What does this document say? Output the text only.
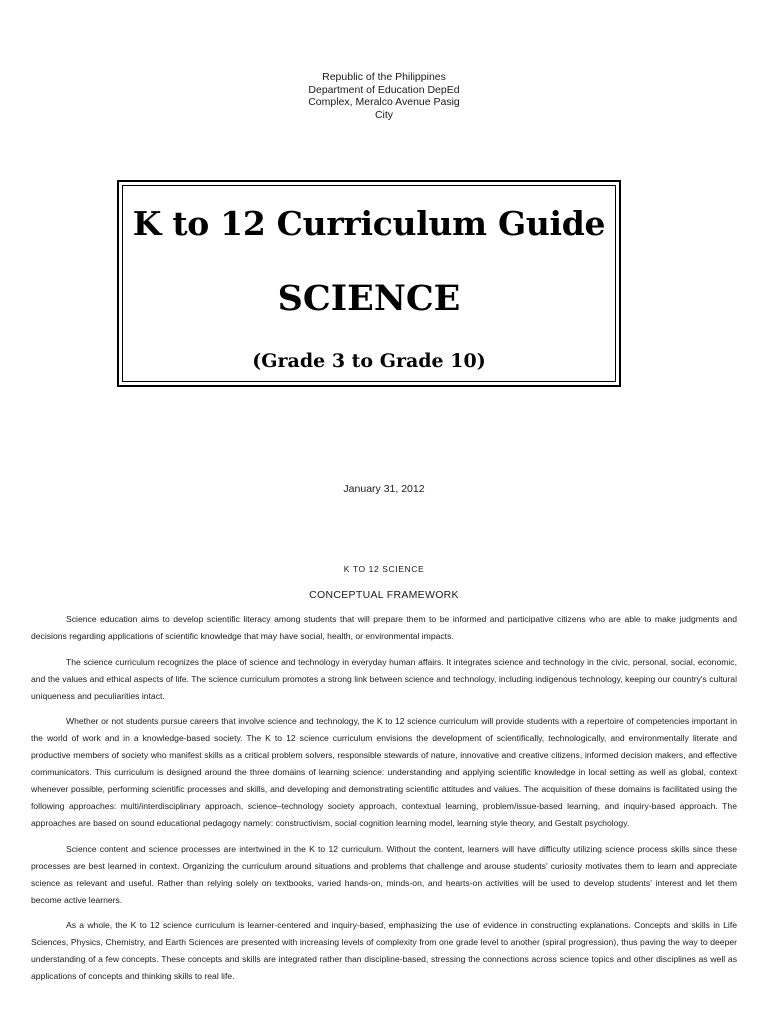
Republic of the Philippines
Department of Education DepEd
Complex, Meralco Avenue Pasig
City
K to 12 Curriculum Guide
SCIENCE
(Grade 3 to Grade 10)
January 31, 2012
K TO 12 SCIENCE
CONCEPTUAL FRAMEWORK

Science education aims to develop scientific literacy among students that will prepare them to be informed and participative citizens who are able to make judgments and decisions regarding applications of scientific knowledge that may have social, health, or environmental impacts.

The science curriculum recognizes the place of science and technology in everyday human affairs. It integrates science and technology in the civic, personal, social, economic, and the values and ethical aspects of life. The science curriculum promotes a strong link between science and technology, including indigenous technology, keeping our country's cultural uniqueness and peculiarities intact.

Whether or not students pursue careers that involve science and technology, the K to 12 science curriculum will provide students with a repertoire of competencies important in the world of work and in a knowledge-based society. The K to 12 science curriculum envisions the development of scientifically, technologically, and environmentally literate and productive members of society who manifest skills as a critical problem solvers, responsible stewards of nature, innovative and creative citizens, informed decision makers, and effective communicators. This curriculum is designed around the three domains of learning science: understanding and applying scientific knowledge in local setting as well as global, context whenever possible, performing scientific processes and skills, and developing and demonstrating scientific attitudes and values. The acquisition of these domains is facilitated using the following approaches: multi/interdisciplinary approach, science–technology society approach, contextual learning, problem/issue-based learning, and inquiry-based approach. The approaches are based on sound educational pedagogy namely: constructivism, social cognition learning model, learning style theory, and Gestalt psychology.

Science content and science processes are intertwined in the K to 12 curriculum. Without the content, learners will have difficulty utilizing science process skills since these processes are best learned in context. Organizing the curriculum around situations and problems that challenge and arouse students' curiosity motivates them to learn and appreciate science as relevant and useful. Rather than relying solely on textbooks, varied hands-on, minds-on, and hearts-on activities will be used to develop students' interest and let them become active learners.

As a whole, the K to 12 science curriculum is learner-centered and inquiry-based, emphasizing the use of evidence in constructing explanations. Concepts and skills in Life Sciences, Physics, Chemistry, and Earth Sciences are presented with increasing levels of complexity from one grade level to another (spiral progression), thus paving the way to deeper understanding of a few concepts. These concepts and skills are integrated rather than discipline-based, stressing the connections across science topics and other disciplines as well as applications of concepts and thinking skills to real life.
